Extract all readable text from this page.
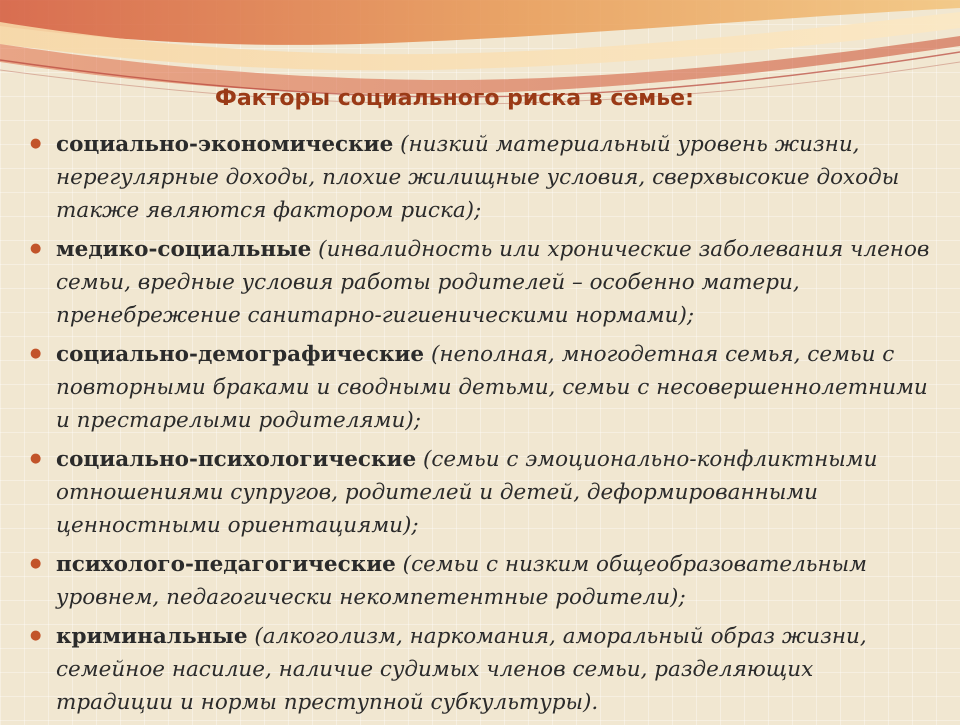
Факторы социального риска в семье:
● социально-экономические (низкий материальный уровень жизни, нерегулярные доходы, плохие жилищные условия, сверхвысокие доходы также являются фактором риска);
● медико-социальные (инвалидность или хронические заболевания членов семьи, вредные условия работы родителей – особенно матери, пренебрежение санитарно-гигиеническими нормами);
● социально-демографические (неполная, многодетная семья, семьи с повторными браками и сводными детьми, семьи с несовершеннолетними и престарелыми родителями);
● социально-психологические (семьи с эмоционально-конфликтными отношениями супругов, родителей и детей, деформированными ценностными ориентациями);
● психолого-педагогические (семьи с низким общеобразовательным уровнем, педагогически некомпетентные родители);
● криминальные (алкоголизм, наркомания, аморальный образ жизни, семейное насилие, наличие судимых членов семьи, разделяющих традиции и нормы преступной субкультуры).
